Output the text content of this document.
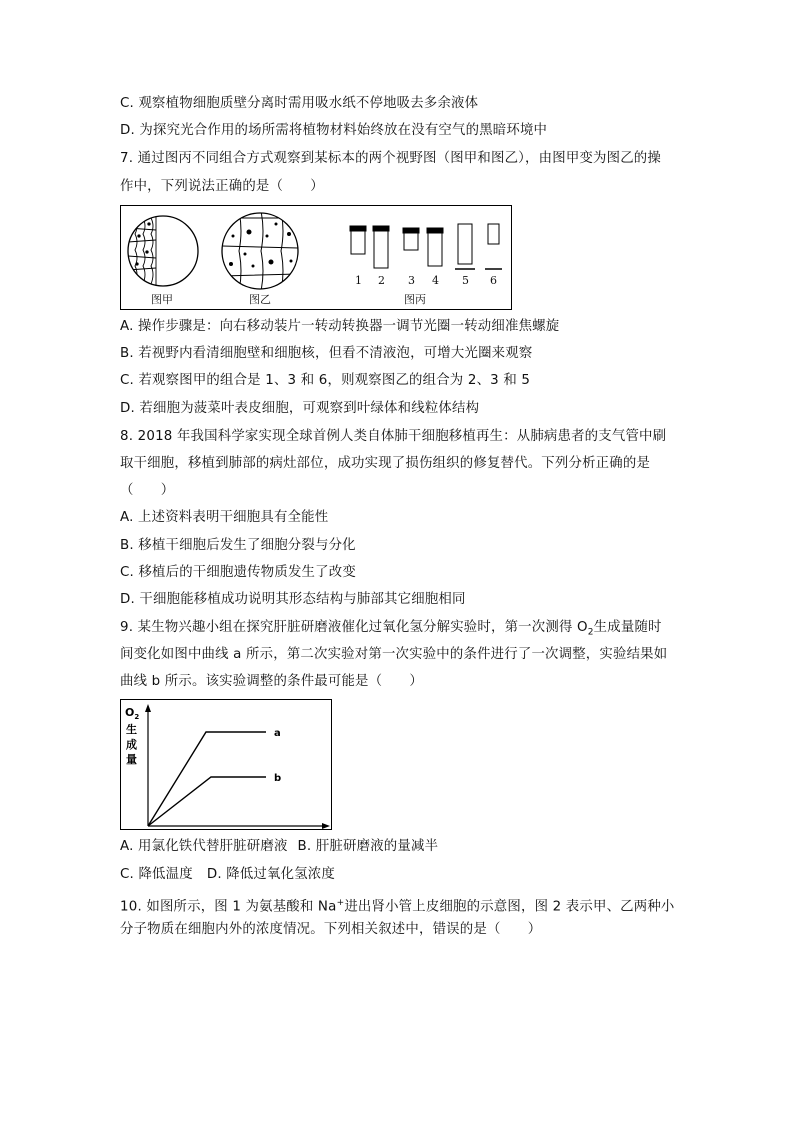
C. 观察植物细胞质壁分离时需用吸水纸不停地吸去多余液体
D. 为探究光合作用的场所需将植物材料始终放在没有空气的黑暗环境中
7. 通过图丙不同组合方式观察到某标本的两个视野图（图甲和图乙），由图甲变为图乙的操
作中，下列说法正确的是（　　）
1 2 3 4 5 6
图甲	图乙	图丙
A. 操作步骤是：向右移动装片一转动转换器一调节光圈一转动细准焦螺旋
B. 若视野内看清细胞壁和细胞核，但看不清液泡，可增大光圈来观察
C. 若观察图甲的组合是 1、3 和 6，则观察图乙的组合为 2、3 和 5
D. 若细胞为菠菜叶表皮细胞，可观察到叶绿体和线粒体结构
8. 2018 年我国科学家实现全球首例人类自体肺干细胞移植再生：从肺病患者的支气管中刷
取干细胞，移植到肺部的病灶部位，成功实现了损伤组织的修复替代。下列分析正确的是
（　　）
A. 上述资料表明干细胞具有全能性
B. 移植干细胞后发生了细胞分裂与分化
C. 移植后的干细胞遗传物质发生了改变
D. 干细胞能移植成功说明其形态结构与肺部其它细胞相同
9. 某生物兴趣小组在探究肝脏研磨液催化过氧化氢分解实验时，第一次测得 $O_2$生成量随时
间变化如图中曲线 a 所示，第二次实验对第一次实验中的条件进行了一次调整，实验结果如
曲线 b 所示。该实验调整的条件最可能是（　　）
$O_2$
生
成
量
a
b
A. 用氯化铁代替肝脏研磨液 B. 肝脏研磨液的量减半
C. 降低温度 D. 降低过氧化氢浓度
10. 如图所示，图 1 为氨基酸和 Na+进出肾小管上皮细胞的示意图，图 2 表示甲、乙两种小
分子物质在细胞内外的浓度情况。下列相关叙述中，错误的是（　　）
